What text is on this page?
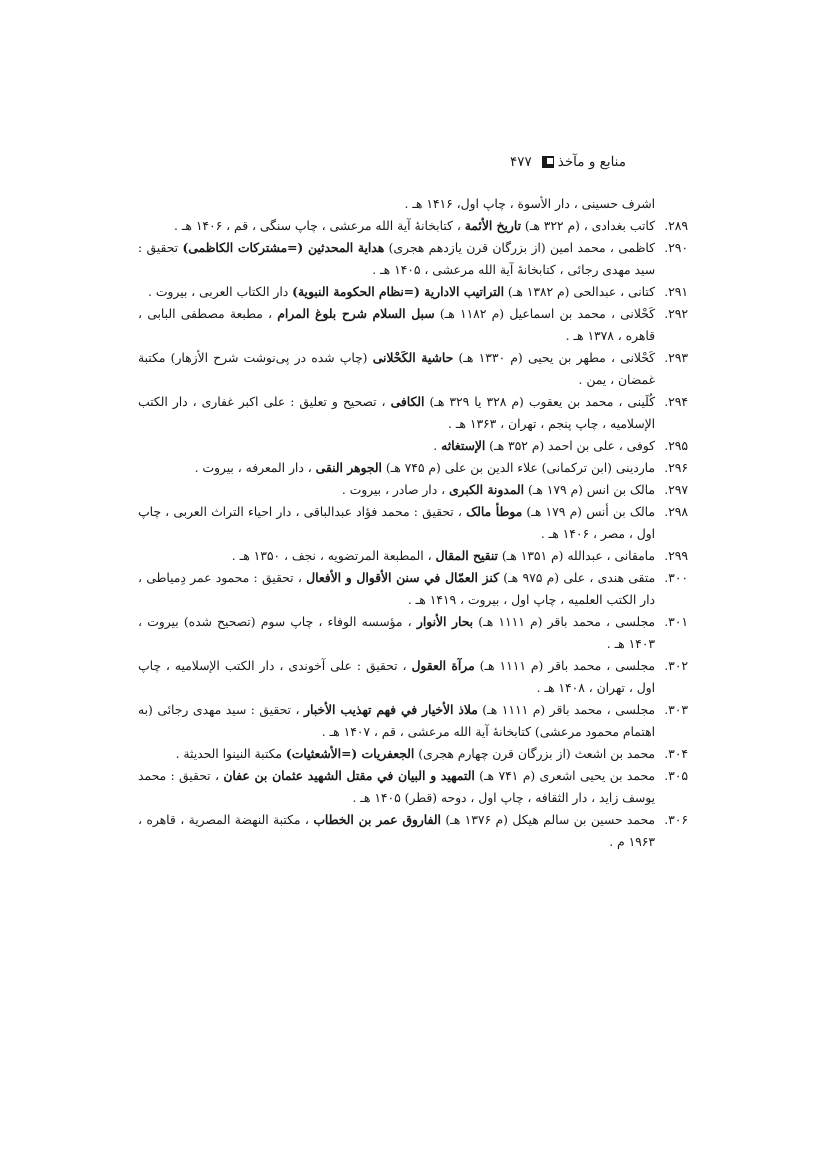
منابع و مآخذ
۴۷۷
اشرف حسینی ، دار الأسوة ، چاپ اول، ۱۴۱۶ هـ .
۲۸۹.
کاتب بغدادی ، (م ۳۲۲ هـ) تاریخ الأئمة ، کتابخانهٔ آیة الله مرعشی ، چاپ سنگی ، قم ، ۱۴۰۶ هـ .
۲۹۰.
کاظمی ، محمد امین (از بزرگان قرن یازدهم هجری) هدایة المحدثین (=مشترکات الکاظمی) تحقیق : سید مهدی رجائی ، کتابخانهٔ آیة الله مرعشی ، ۱۴۰۵ هـ .
۲۹۱.
کتانی ، عبدالحی (م ۱۳۸۲ هـ) التراتیب الاداریة (=نظام الحکومة النبویة) دار الکتاب العربی ، بیروت .
۲۹۲.
کَحْلانی ، محمد بن اسماعیل (م ۱۱۸۲ هـ) سبل السلام شرح بلوغ المرام ، مطبعة مصطفی البابی ، قاهره ، ۱۳۷۸ هـ .
۲۹۳.
کَحْلانی ، مطهر بن یحیی (م ۱۳۳۰ هـ) حاشیة الکَحْلانی (چاپ شده در پی‌نوشت شرح الأزهار) مکتبة غمضان ، یمن .
۲۹۴.
کُلَینی ، محمد بن یعقوب (م ۳۲۸ یا ۳۲۹ هـ) الکافی ، تصحیح و تعلیق : علی اکبر غفاری ، دار الکتب الإسلامیه ، چاپ پنجم ، تهران ، ۱۳۶۳ هـ .
۲۹۵.
کوفی ، علی بن احمد (م ۳۵۲ هـ) الإستغاثه .
۲۹۶.
ماردینی (ابن ترکمانی) علاء الدین بن علی (م ۷۴۵ هـ) الجوهر النقی ، دار المعرفه ، بیروت .
۲۹۷.
مالک بن انس (م ۱۷۹ هـ) المدونة الکبری ، دار صادر ، بیروت .
۲۹۸.
مالک بن أنس (م ۱۷۹ هـ) موطأ مالک ، تحقیق : محمد فؤاد عبدالباقی ، دار احیاء التراث العربی ، چاپ اول ، مصر ، ۱۴۰۶ هـ .
۲۹۹.
مامقانی ، عبدالله (م ۱۳۵۱ هـ) تنقیح المقال ، المطبعة المرتضویه ، نجف ، ۱۳۵۰ هـ .
۳۰۰.
متقی هندی ، علی (م ۹۷۵ هـ) کنز العمّال في سنن الأقوال و الأفعال ، تحقیق : محمود عمر دِمیاطی ، دار الکتب العلمیه ، چاپ اول ، بیروت ، ۱۴۱۹ هـ .
۳۰۱.
مجلسی ، محمد باقر (م ۱۱۱۱ هـ) بحار الأنوار ، مؤسسه الوفاء ، چاپ سوم (تصحیح شده) بیروت ، ۱۴۰۳ هـ .
۳۰۲.
مجلسی ، محمد باقر (م ۱۱۱۱ هـ) مرآة العقول ، تحقیق : علی آخوندی ، دار الکتب الإسلامیه ، چاپ اول ، تهران ، ۱۴۰۸ هـ .
۳۰۳.
مجلسی ، محمد باقر (م ۱۱۱۱ هـ) ملاذ الأخیار في فهم تهذیب الأخبار ، تحقیق : سید مهدی رجائی (به اهتمام محمود مرعشی) کتابخانهٔ آیة الله مرعشی ، قم ، ۱۴۰۷ هـ .
۳۰۴.
محمد بن اشعث (از بزرگان قرن چهارم هجری) الجعفریات (=الأشعثیات) مکتبة النینوا الحدیثة .
۳۰۵.
محمد بن یحیی اشعری (م ۷۴۱ هـ) التمهید و البیان في مقتل الشهید عثمان بن عفان ، تحقیق : محمد یوسف زاید ، دار الثقافه ، چاپ اول ، دوحه (قطر) ۱۴۰۵ هـ .
۳۰۶.
محمد حسین بن سالم هیکل (م ۱۳۷۶ هـ) الفاروق عمر بن الخطاب ، مکتبة النهضة المصریة ، قاهره ، ۱۹۶۳ م .
